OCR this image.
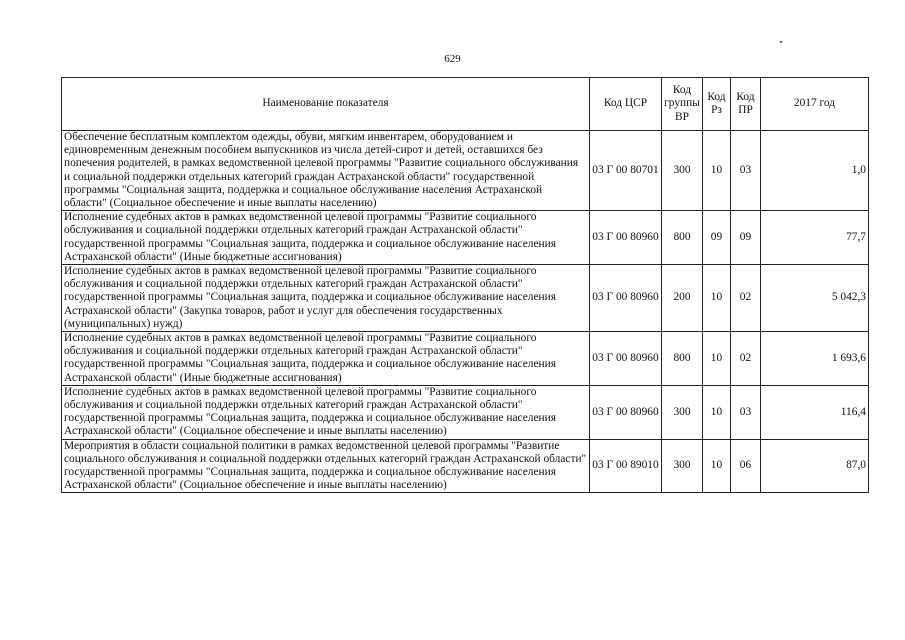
629
Наименование показателя	Код ЦСР	Код группы ВР	Код Рз	Код ПР	2017 год
Обеспечение бесплатным комплектом одежды, обуви, мягким инвентарем, оборудованием и единовременным денежным пособием выпускников из числа детей-сирот и детей, оставшихся без попечения родителей, в рамках ведомственной целевой программы "Развитие социального обслуживания и социальной поддержки отдельных категорий граждан Астраханской области" государственной программы "Социальная защита, поддержка и социальное обслуживание населения Астраханской области" (Социальное обеспечение и иные выплаты населению)	03 Г 00 80701	300	10	03	1,0
Исполнение судебных актов в рамках ведомственной целевой программы "Развитие социального обслуживания и социальной поддержки отдельных категорий граждан Астраханской области" государственной программы "Социальная защита, поддержка и социальное обслуживание населения Астраханской области" (Иные бюджетные ассигнования)	03 Г 00 80960	800	09	09	77,7
Исполнение судебных актов в рамках ведомственной целевой программы "Развитие социального обслуживания и социальной поддержки отдельных категорий граждан Астраханской области" государственной программы "Социальная защита, поддержка и социальное обслуживание населения Астраханской области" (Закупка товаров, работ и услуг для обеспечения государственных (муниципальных) нужд)	03 Г 00 80960	200	10	02	5 042,3
Исполнение судебных актов в рамках ведомственной целевой программы "Развитие социального обслуживания и социальной поддержки отдельных категорий граждан Астраханской области" государственной программы "Социальная защита, поддержка и социальное обслуживание населения Астраханской области" (Иные бюджетные ассигнования)	03 Г 00 80960	800	10	02	1 693,6
Исполнение судебных актов в рамках ведомственной целевой программы "Развитие социального обслуживания и социальной поддержки отдельных категорий граждан Астраханской области" государственной программы "Социальная защита, поддержка и социальное обслуживание населения Астраханской области" (Социальное обеспечение и иные выплаты населению)	03 Г 00 80960	300	10	03	116,4
Мероприятия в области социальной политики в рамках ведомственной целевой программы "Развитие социального обслуживания и социальной поддержки отдельных категорий граждан Астраханской области" государственной программы "Социальная защита, поддержка и социальное обслуживание населения Астраханской области" (Социальное обеспечение и иные выплаты населению)	03 Г 00 89010	300	10	06	87,0
